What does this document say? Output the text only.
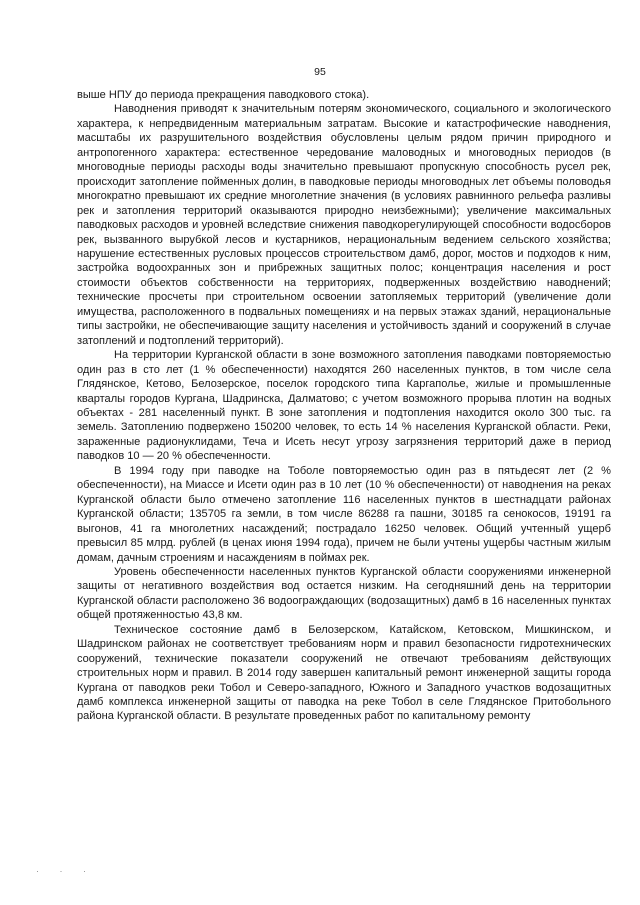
95

выше НПУ до периода прекращения паводкового стока).

Наводнения приводят к значительным потерям экономического, социального и экологического характера, к непредвиденным материальным затратам. Высокие и катастрофические наводнения, масштабы их разрушительного воздействия обусловлены целым рядом причин природного и антропогенного характера: естественное чередование маловодных и многоводных периодов (в многоводные периоды расходы воды значительно превышают пропускную способность русел рек, происходит затопление пойменных долин, в паводковые периоды многоводных лет объемы половодья многократно превышают их средние многолетние значения (в условиях равнинного рельефа разливы рек и затопления территорий оказываются природно неизбежными); увеличение максимальных паводковых расходов и уровней вследствие снижения паводкорегулирующей способности водосборов рек, вызванного вырубкой лесов и кустарников, нерациональным ведением сельского хозяйства; нарушение естественных русловых процессов строительством дамб, дорог, мостов и подходов к ним, застройка водоохранных зон и прибрежных защитных полос; концентрация населения и рост стоимости объектов собственности на территориях, подверженных воздействию наводнений; технические просчеты при строительном освоении затопляемых территорий (увеличение доли имущества, расположенного в подвальных помещениях и на первых этажах зданий, нерациональные типы застройки, не обеспечивающие защиту населения и устойчивость зданий и сооружений в случае затоплений и подтоплений территорий).

На территории Курганской области в зоне возможного затопления паводками повторяемостью один раз в сто лет (1 % обеспеченности) находятся 260 населенных пунктов, в том числе села Глядянское, Кетово, Белозерское, поселок городского типа Каргаполье, жилые и промышленные кварталы городов Кургана, Шадринска, Далматово; с учетом возможного прорыва плотин на водных объектах - 281 населенный пункт. В зоне затопления и подтопления находится около 300 тыс. га земель. Затоплению подвержено 150200 человек, то есть 14 % населения Курганской области. Реки, зараженные радионуклидами, Теча и Исеть несут угрозу загрязнения территорий даже в период паводков 10 — 20 % обеспеченности.

В 1994 году при паводке на Тоболе повторяемостью один раз в пятьдесят лет (2 % обеспеченности), на Миассе и Исети один раз в 10 лет (10 % обеспеченности) от наводнения на реках Курганской области было отмечено затопление 116 населенных пунктов в шестнадцати районах Курганской области; 135705 га земли, в том числе 86288 га пашни, 30185 га сенокосов, 19191 га выгонов, 41 га многолетних насаждений; пострадало 16250 человек. Общий учтенный ущерб превысил 85 млрд. рублей (в ценах июня 1994 года), причем не были учтены ущербы частным жилым домам, дачным строениям и насаждениям в поймах рек.

Уровень обеспеченности населенных пунктов Курганской области сооружениями инженерной защиты от негативного воздействия вод остается низким. На сегодняшний день на территории Курганской области расположено 36 водоограждающих (водозащитных) дамб в 16 населенных пунктах общей протяженностью 43,8 км.

Техническое состояние дамб в Белозерском, Катайском, Кетовском, Мишкинском, и Шадринском районах не соответствует требованиям норм и правил безопасности гидротехнических сооружений, технические показатели сооружений не отвечают требованиям действующих строительных норм и правил. В 2014 году завершен капитальный ремонт инженерной защиты города Кургана от паводков реки Тобол и Северо-западного, Южного и Западного участков водозащитных дамб комплекса инженерной защиты от паводка на реке Тобол в селе Глядянское Притобольного района Курганской области. В результате проведенных работ по капитальному ремонту

· · ·
